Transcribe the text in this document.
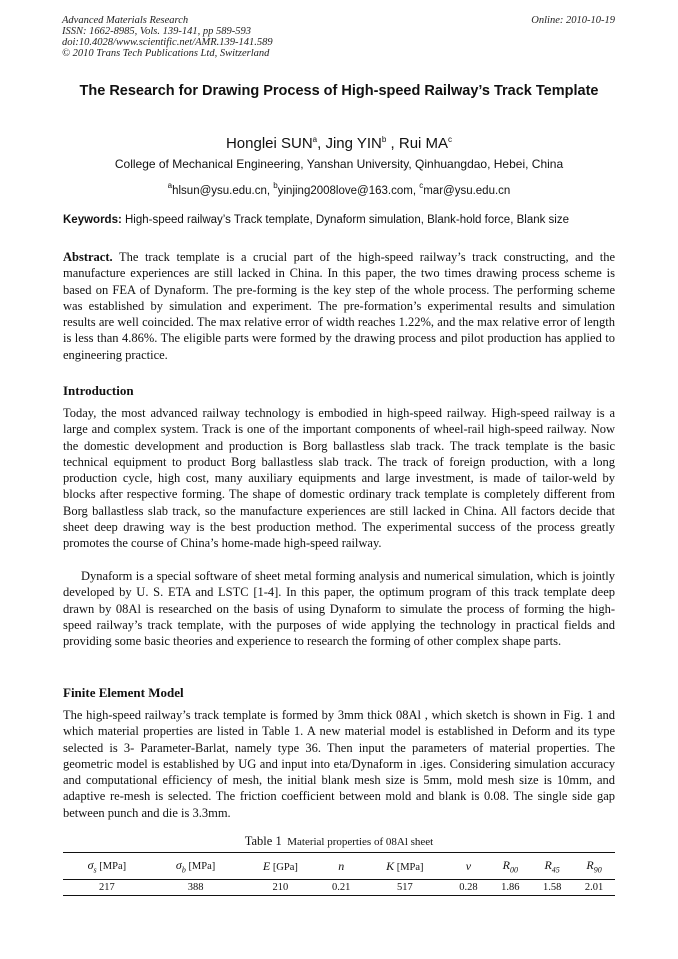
Advanced Materials Research
ISSN: 1662-8985, Vols. 139-141, pp 589-593
doi:10.4028/www.scientific.net/AMR.139-141.589
© 2010 Trans Tech Publications Ltd, Switzerland
Online: 2010-10-19
The Research for Drawing Process of High-speed Railway’s Track Template
Honglei SUN$^a$, Jing YIN$^b$ , Rui $MA^c$
College of Mechanical Engineering, Yanshan University, Qinhuangdao, Hebei, China
$^a$hlsun@ysu.edu.cn, $^b$yinjing2008love@163.com, $^c$mar@ysu.edu.cn
Keywords: High-speed railway’s Track template, Dynaform simulation, Blank-hold force, Blank size
Abstract. The track template is a crucial part of the high-speed railway’s track constructing, and the manufacture experiences are still lacked in China. In this paper, the two times drawing process scheme is based on FEA of Dynaform. The pre-forming is the key step of the whole process. The performing scheme was established by simulation and experiment. The pre-formation’s experimental results and simulation results are well coincided. The max relative error of width reaches 1.22%, and the max relative error of length is less than 4.86%. The eligible parts were formed by the drawing process and pilot production has applied to engineering practice.
Introduction
Today, the most advanced railway technology is embodied in high-speed railway. High-speed railway is a large and complex system. Track is one of the important components of wheel-rail high-speed railway. Now the domestic development and production is Borg ballastless slab track. The track template is the basic technical equipment to product Borg ballastless slab track. The track of foreign production, with a long production cycle, high cost, many auxiliary equipments and large investment, is made of tailor-weld by blocks after respective forming. The shape of domestic ordinary track template is completely different from Borg ballastless slab track, so the manufacture experiences are still lacked in China. All factors decide that sheet deep drawing way is the best production method. The experimental success of the process greatly promotes the course of China’s home-made high-speed railway.
Dynaform is a special software of sheet metal forming analysis and numerical simulation, which is jointly developed by U. S. ETA and LSTC [1-4]. In this paper, the optimum program of this track template deep drawn by 08Al is researched on the basis of using Dynaform to simulate the process of forming the high-speed railway’s track template, with the purposes of wide applying the technology in practical fields and providing some basic theories and experience to research the forming of other complex shape parts.
Finite Element Model
The high-speed railway’s track template is formed by 3mm thick 08Al , which sketch is shown in Fig. 1 and which material properties are listed in Table 1. A new material model is established in Deform and its type selected is 3- Parameter-Barlat, namely type 36. Then input the parameters of material properties. The geometric model is established by UG and input into eta/Dynaform in .iges. Considering simulation accuracy and computational efficiency of mesh, the initial blank mesh size is 5mm, mold mesh size is 10mm, and adaptive re-mesh is selected. The friction coefficient between mold and blank is 0.08. The single side gap between punch and die is 3.3mm.
Table 1 Material properties of 08Al sheet
$\sigma_s$ [MPa]	$\sigma_b$ [MPa]	E [GPa]	n	K [MPa]	ν	$R_{00}$	$R_{45}$	$R_{90}$
217	388	210	0.21	517	0.28	1.86	1.58	2.01
